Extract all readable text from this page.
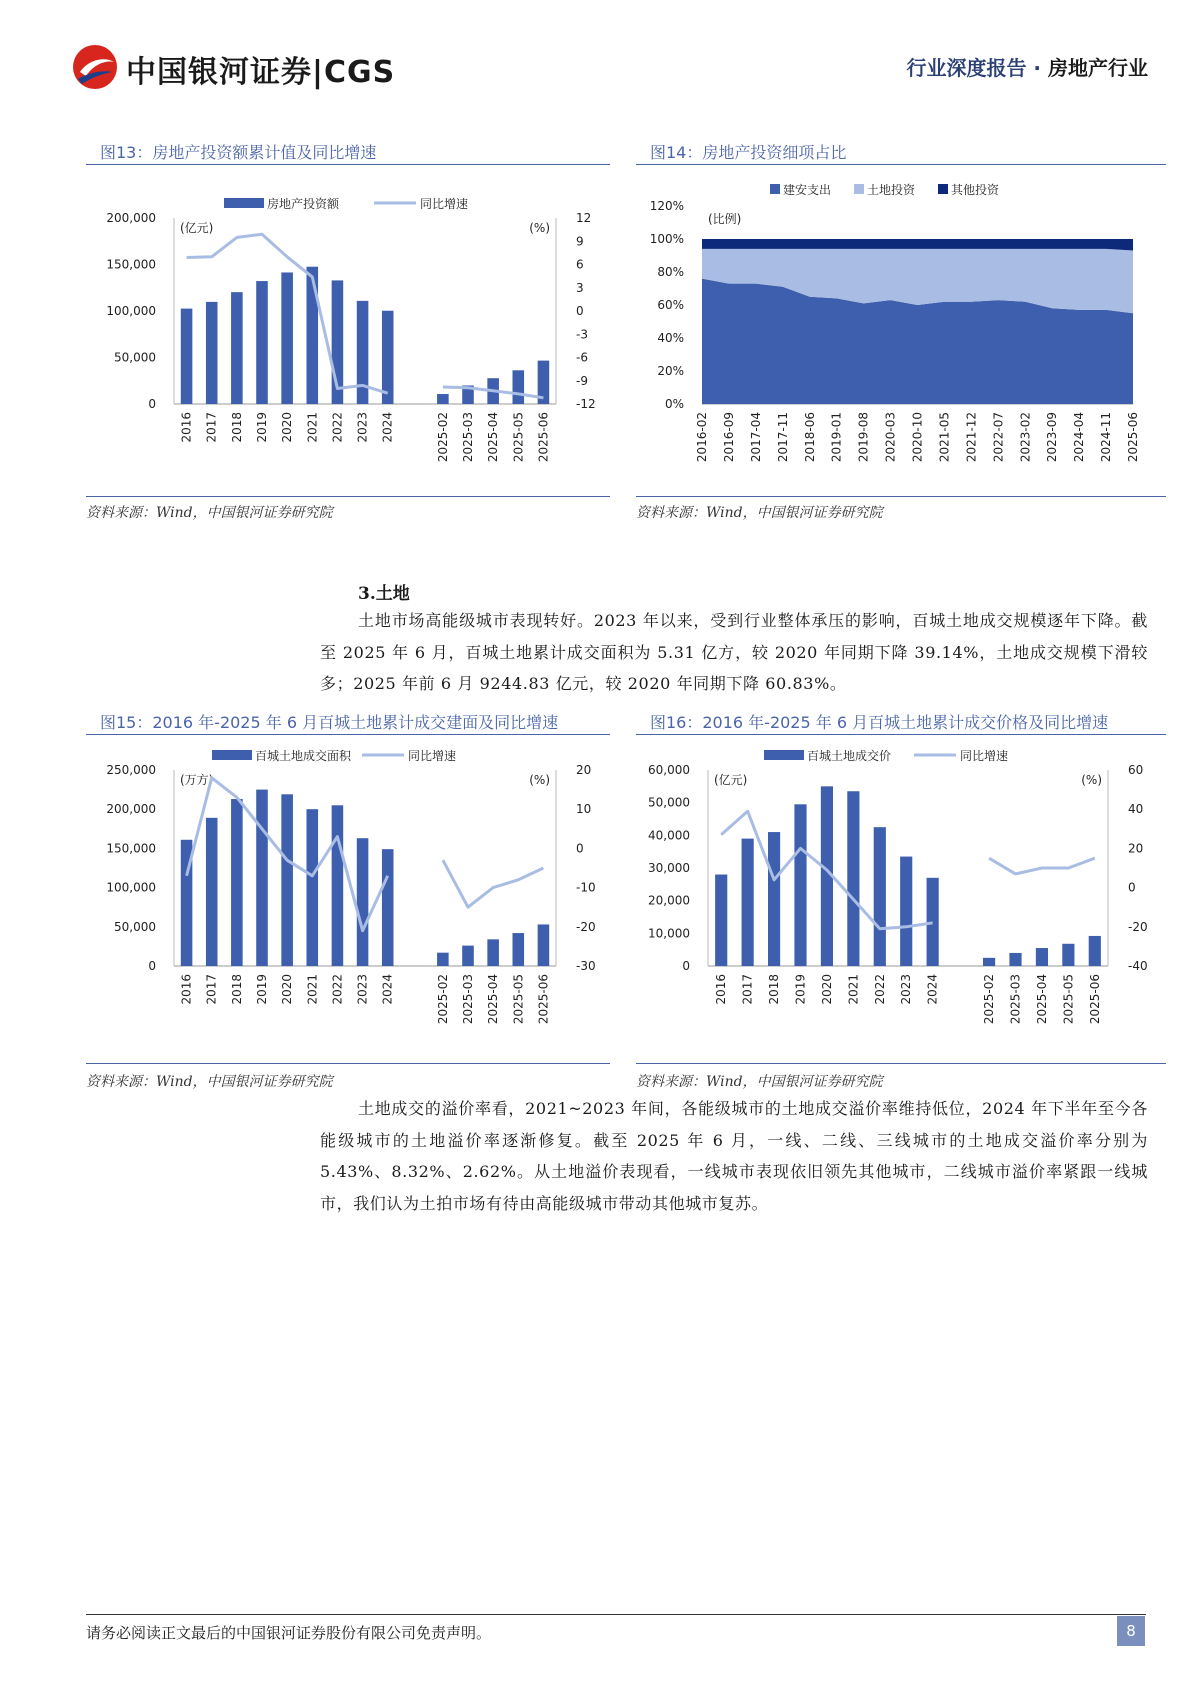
中国银河证券|CGS	行业深度报告 · 房地产行业
图13：房地产投资额累计值及同比增速
0
50,000
100,000
150,000
200,000
-12
-9
-6
-3
0
3
6
9
12
(亿元)	(%)
2016 2017 2018 2019 2020 2021 2022 2023 2024	2025-02 2025-03 2025-04 2025-05 2025-06
房地产投资额	同比增速
资料来源：Wind，中国银河证券研究院
图14：房地产投资细项占比
0%
20%
40%
60%
80%
100%
120%
(比例)
2016-02 2016-09 2017-04 2017-11 2018-06 2019-01 2019-08 2020-03 2020-10 2021-05 2021-12 2022-07 2023-02 2023-09 2024-04 2024-11 2025-06
建安支出	土地投资	其他投资
资料来源：Wind，中国银河证券研究院
3.土地
土地市场高能级城市表现转好。2023 年以来，受到行业整体承压的影响，百城土地成交规模逐年下降。截至 2025 年 6 月，百城土地累计成交面积为 5.31 亿方，较 2020 年同期下降 39.14%，土地成交规模下滑较多；2025 年前 6 月 9244.83 亿元，较 2020 年同期下降 60.83%。
图15：2016 年-2025 年 6 月百城土地累计成交建面及同比增速
0
50,000
100,000
150,000
200,000
250,000
-30
-20
-10
0
10
20
(万方)	(%)
2016 2017 2018 2019 2020 2021 2022 2023 2024	2025-02 2025-03 2025-04 2025-05 2025-06
百城土地成交面积	同比增速
资料来源：Wind，中国银河证券研究院
图16：2016 年-2025 年 6 月百城土地累计成交价格及同比增速
0
10,000
20,000
30,000
40,000
50,000
60,000
-40
-20
0
20
40
60
(亿元)	(%)
2016 2017 2018 2019 2020 2021 2022 2023 2024	2025-02 2025-03 2025-04 2025-05 2025-06
百城土地成交价	同比增速
资料来源：Wind，中国银河证券研究院
土地成交的溢价率看，2021~2023 年间，各能级城市的土地成交溢价率维持低位，2024 年下半年至今各能级城市的土地溢价率逐渐修复。截至 2025 年 6 月，一线、二线、三线城市的土地成交溢价率分别为 5.43%、8.32%、2.62%。从土地溢价表现看，一线城市表现依旧领先其他城市，二线城市溢价率紧跟一线城市，我们认为土拍市场有待由高能级城市带动其他城市复苏。
请务必阅读正文最后的中国银河证券股份有限公司免责声明。	8
